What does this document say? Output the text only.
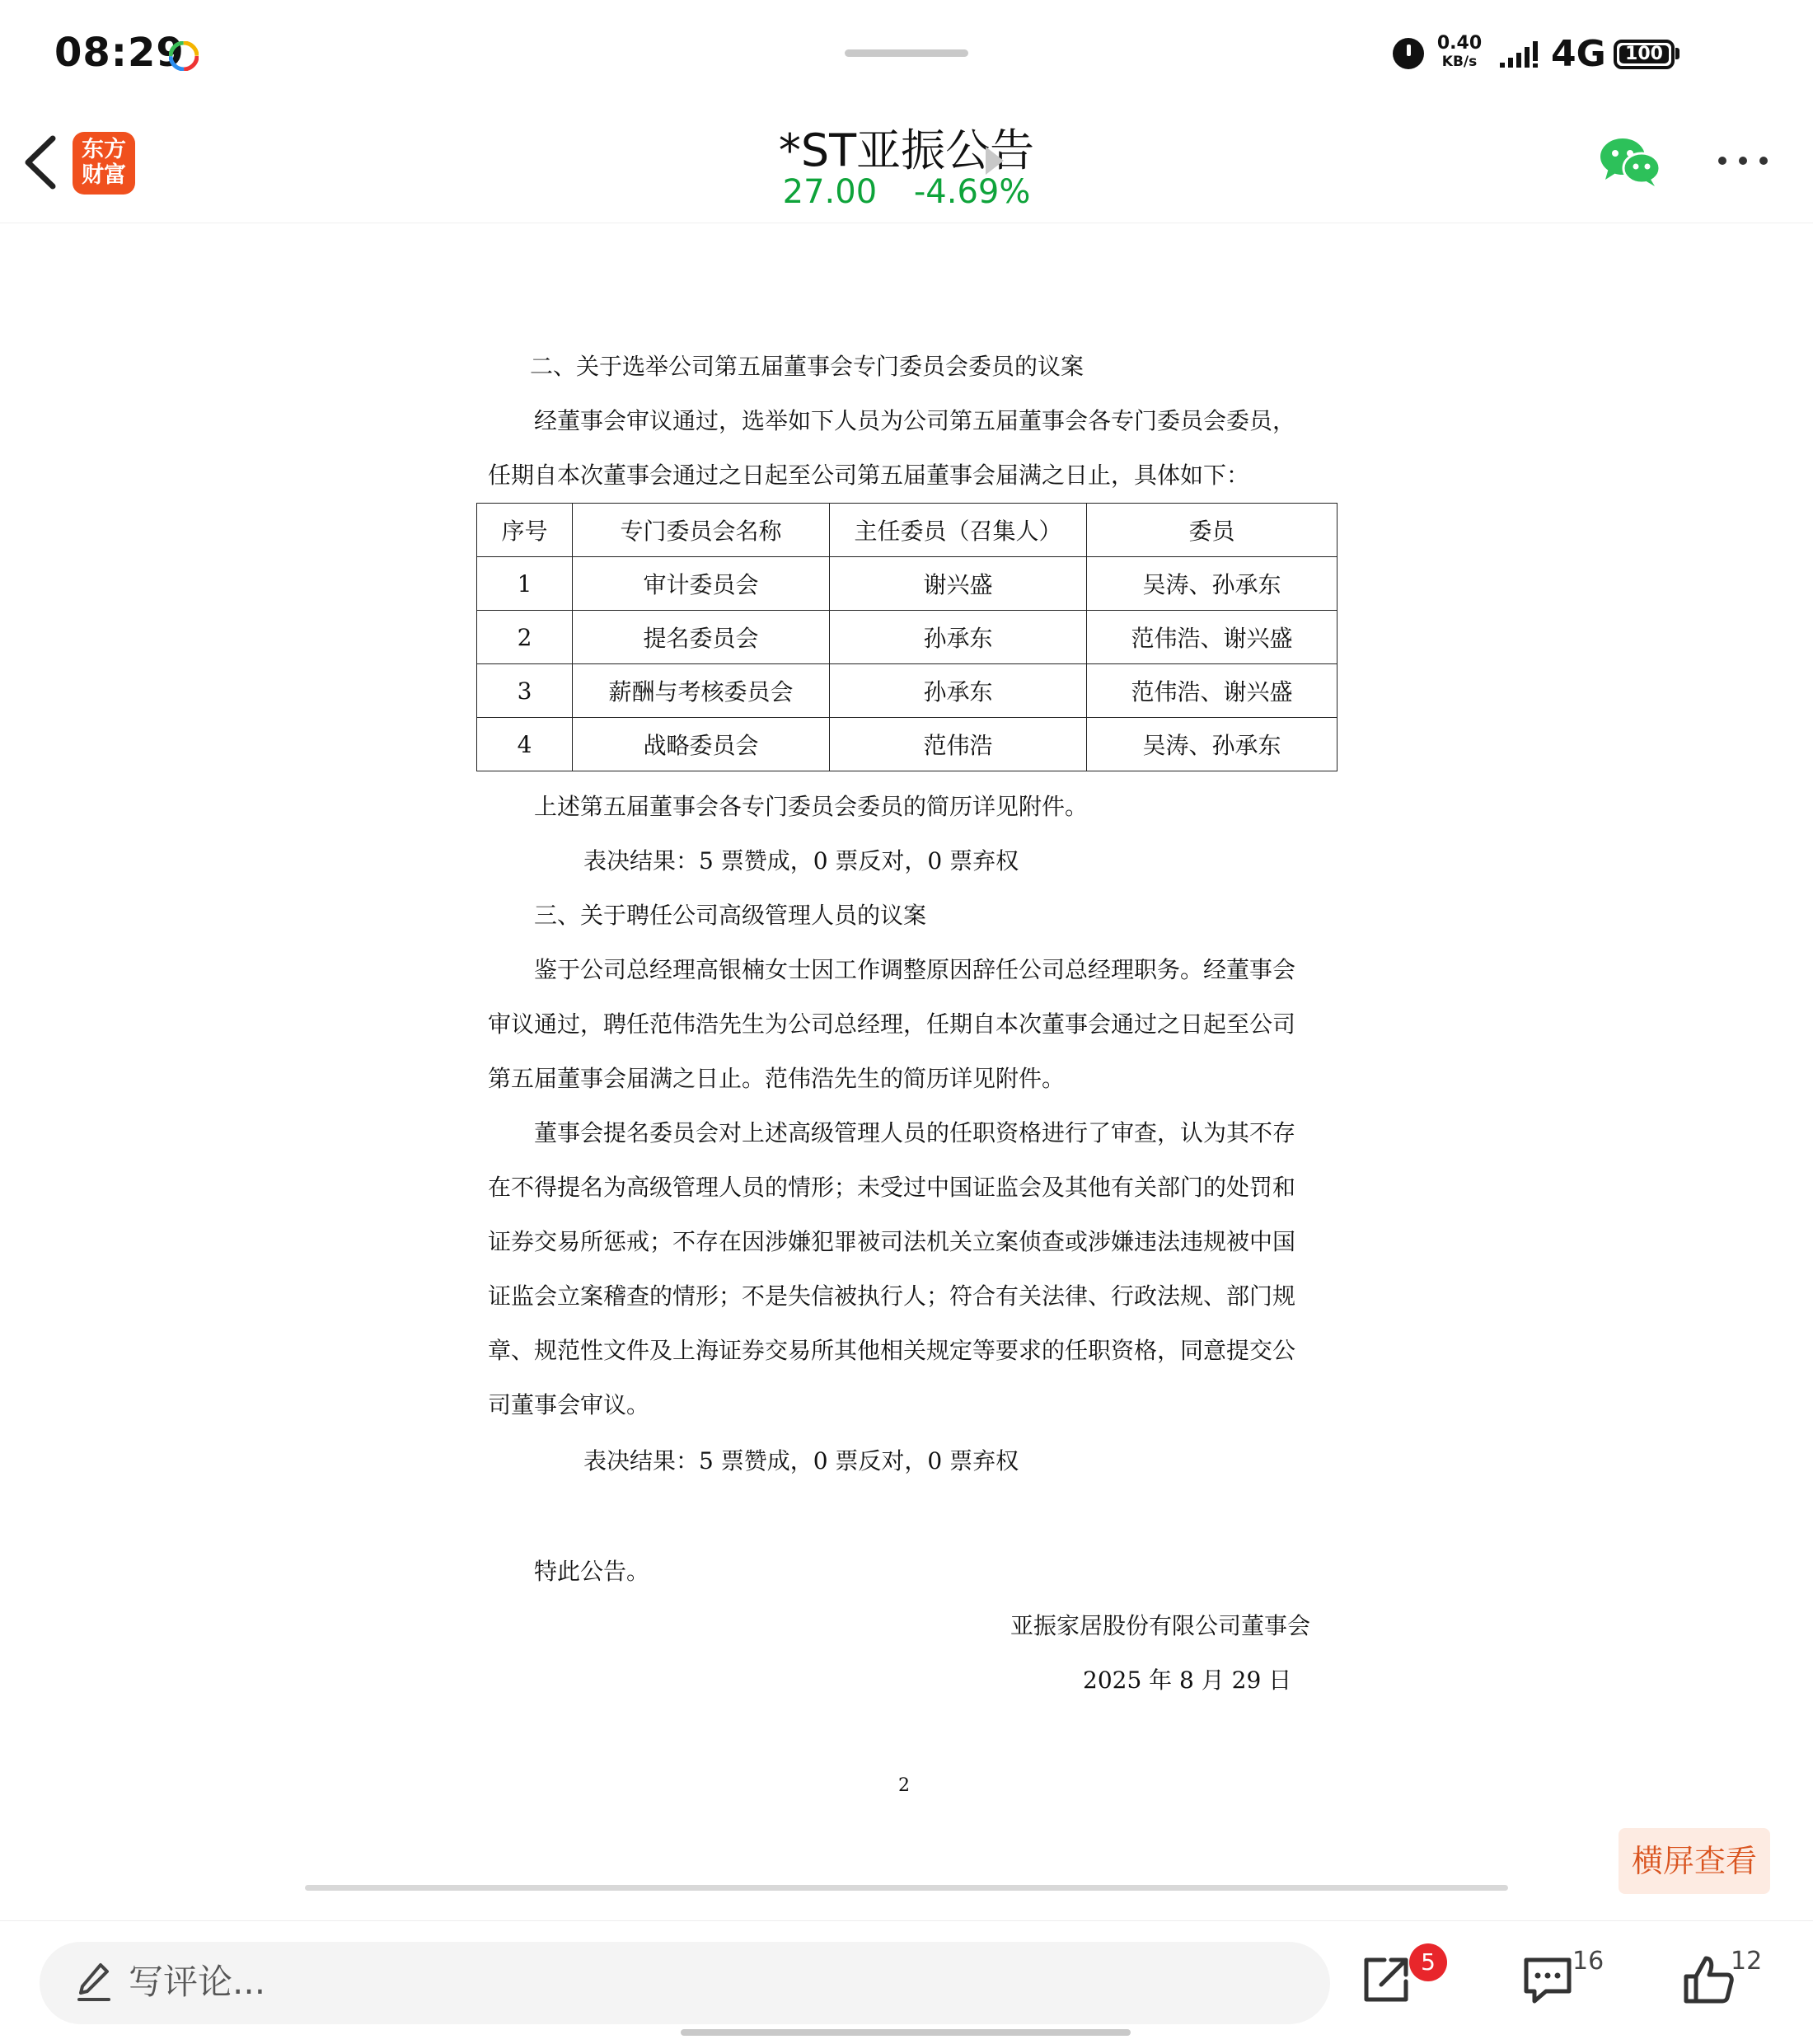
08:29	0.40
KB/s 4G	100
东方
财富	*ST亚振公告
27.00 -4.69%
二、关于选举公司第五届董事会专门委员会委员的议案
经董事会审议通过，选举如下人员为公司第五届董事会各专门委员会委员，
任期自本次董事会通过之日起至公司第五届董事会届满之日止，具体如下：
序号	专门委员会名称	主任委员（召集人）	委员
1	审计委员会	谢兴盛	吴涛、孙承东
2	提名委员会	孙承东	范伟浩、谢兴盛
3	薪酬与考核委员会	孙承东	范伟浩、谢兴盛
4	战略委员会	范伟浩	吴涛、孙承东
上述第五届董事会各专门委员会委员的简历详见附件。
表决结果：5 票赞成，0 票反对，0 票弃权
三、关于聘任公司高级管理人员的议案
鉴于公司总经理高银楠女士因工作调整原因辞任公司总经理职务。经董事会
审议通过，聘任范伟浩先生为公司总经理，任期自本次董事会通过之日起至公司
第五届董事会届满之日止。范伟浩先生的简历详见附件。
董事会提名委员会对上述高级管理人员的任职资格进行了审查，认为其不存
在不得提名为高级管理人员的情形；未受过中国证监会及其他有关部门的处罚和
证券交易所惩戒；不存在因涉嫌犯罪被司法机关立案侦查或涉嫌违法违规被中国
证监会立案稽查的情形；不是失信被执行人；符合有关法律、行政法规、部门规
章、规范性文件及上海证券交易所其他相关规定等要求的任职资格，同意提交公
司董事会审议。
表决结果：5 票赞成，0 票反对，0 票弃权
特此公告。
亚振家居股份有限公司董事会
2025 年 8 月 29 日
2
横屏查看
写评论...	5	16	12
